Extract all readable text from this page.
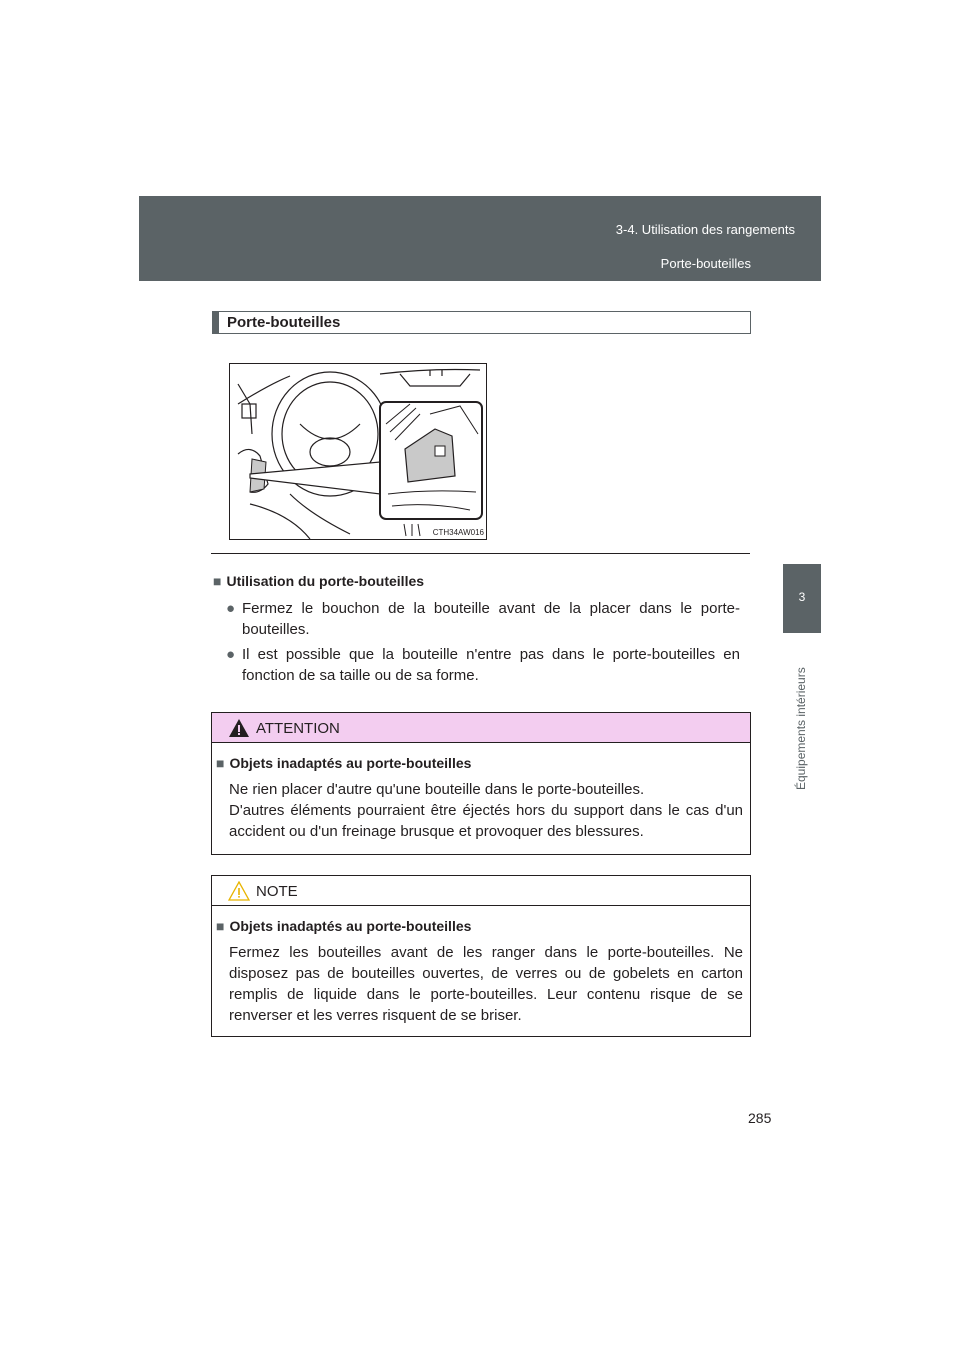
3-4. Utilisation des rangements
Porte-bouteilles
3
Équipements intérieurs
Porte-bouteilles
CTH34AW016
■ Utilisation du porte-bouteilles
● Fermez le bouchon de la bouteille avant de la placer dans le porte-bouteilles.
● Il est possible que la bouteille n'entre pas dans le porte-bouteilles en fonction de sa taille ou de sa forme.
ATTENTION
■ Objets inadaptés au porte-bouteilles
Ne rien placer d'autre qu'une bouteille dans le porte-bouteilles.
D'autres éléments pourraient être éjectés hors du support dans le cas d'un accident ou d'un freinage brusque et provoquer des blessures.
NOTE
■ Objets inadaptés au porte-bouteilles
Fermez les bouteilles avant de les ranger dans le porte-bouteilles. Ne disposez pas de bouteilles ouvertes, de verres ou de gobelets en carton remplis de liquide dans le porte-bouteilles. Leur contenu risque de se renverser et les verres risquent de se briser.
285
